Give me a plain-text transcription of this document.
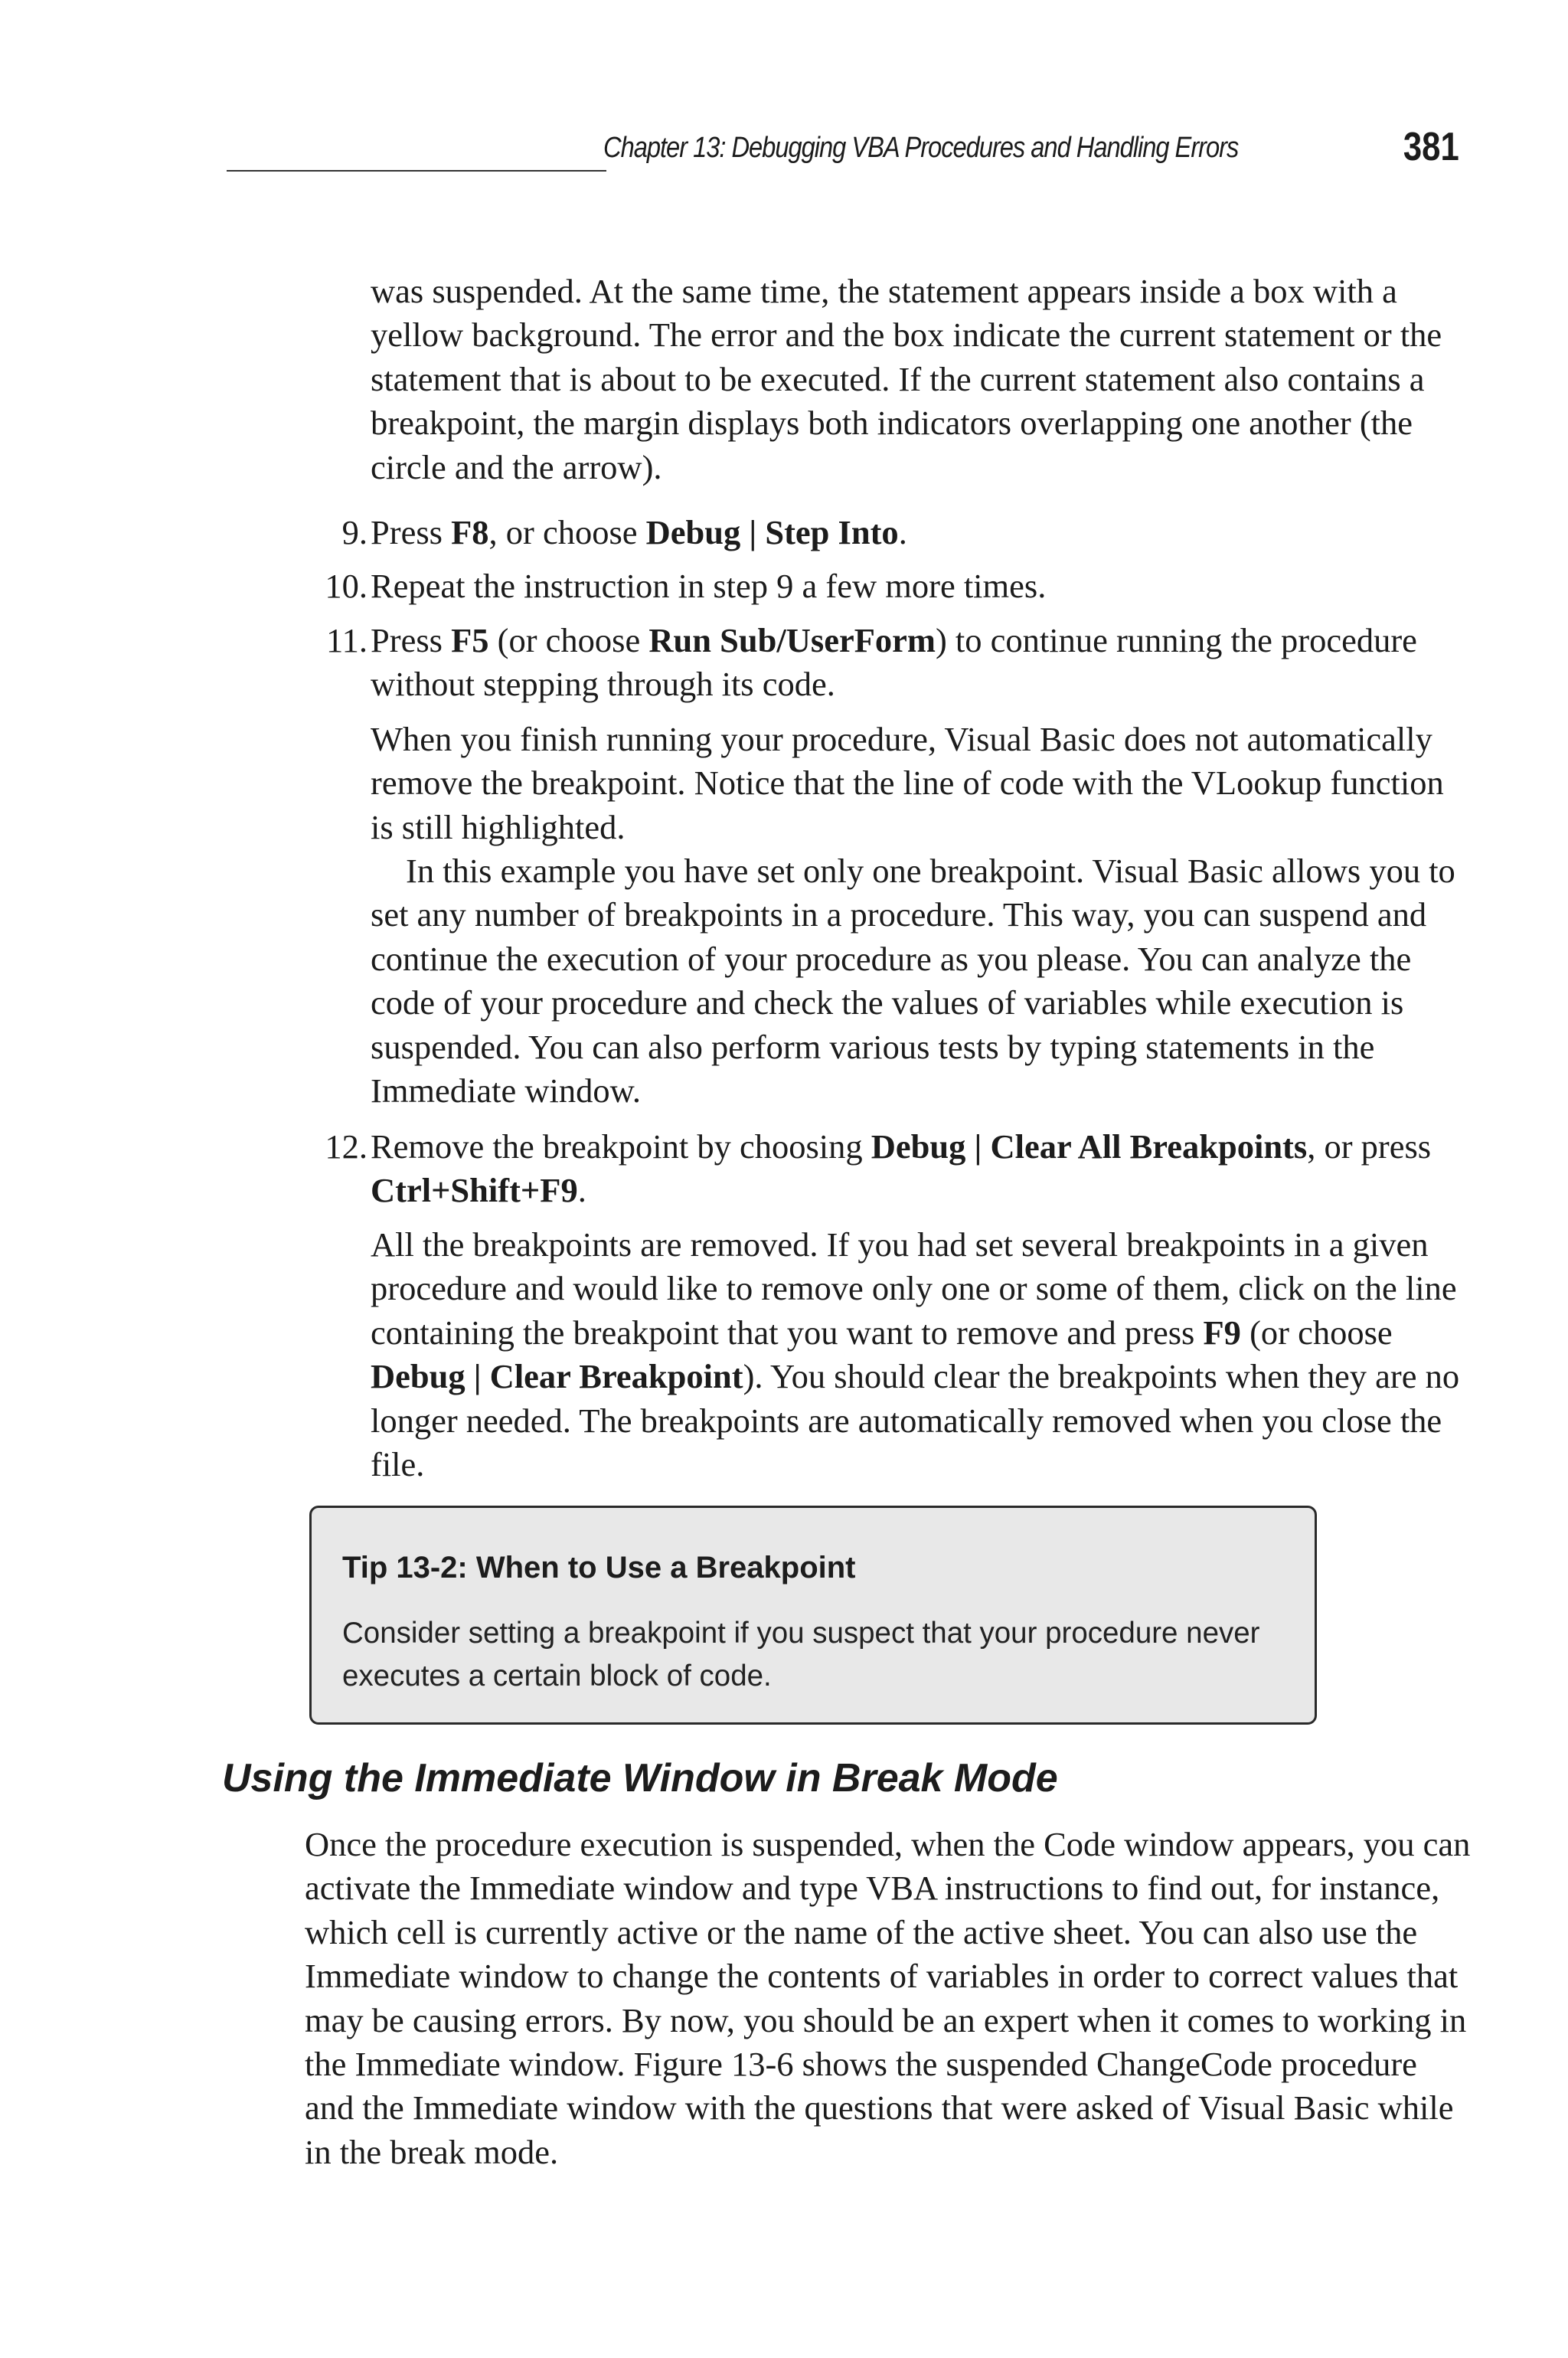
Chapter 13: Debugging VBA Procedures and Handling Errors	381
was suspended. At the same time, the statement appears inside a box with a yellow background. The error and the box indicate the current statement or the statement that is about to be executed. If the current statement also contains a breakpoint, the margin displays both indicators overlapping one another (the circle and the arrow).
9. Press F8, or choose Debug | Step Into.
10. Repeat the instruction in step 9 a few more times.
11. Press F5 (or choose Run Sub/UserForm) to continue running the procedure without stepping through its code.
When you finish running your procedure, Visual Basic does not automatically remove the breakpoint. Notice that the line of code with the VLookup function is still highlighted.
In this example you have set only one breakpoint. Visual Basic allows you to set any number of breakpoints in a procedure. This way, you can suspend and continue the execution of your procedure as you please. You can analyze the code of your procedure and check the values of variables while execution is suspended. You can also perform various tests by typing statements in the Immediate window.
12. Remove the breakpoint by choosing Debug | Clear All Breakpoints, or press Ctrl+Shift+F9.
All the breakpoints are removed. If you had set several breakpoints in a given procedure and would like to remove only one or some of them, click on the line containing the breakpoint that you want to remove and press F9 (or choose Debug | Clear Breakpoint). You should clear the breakpoints when they are no longer needed. The breakpoints are automatically removed when you close the file.
Tip 13-2: When to Use a Breakpoint
Consider setting a breakpoint if you suspect that your procedure never executes a certain block of code.
Using the Immediate Window in Break Mode
Once the procedure execution is suspended, when the Code window appears, you can activate the Immediate window and type VBA instructions to find out, for instance, which cell is currently active or the name of the active sheet. You can also use the Immediate window to change the contents of variables in order to correct values that may be causing errors. By now, you should be an expert when it comes to working in the Immediate window. Figure 13-6 shows the suspended ChangeCode procedure and the Immediate window with the questions that were asked of Visual Basic while in the break mode.
